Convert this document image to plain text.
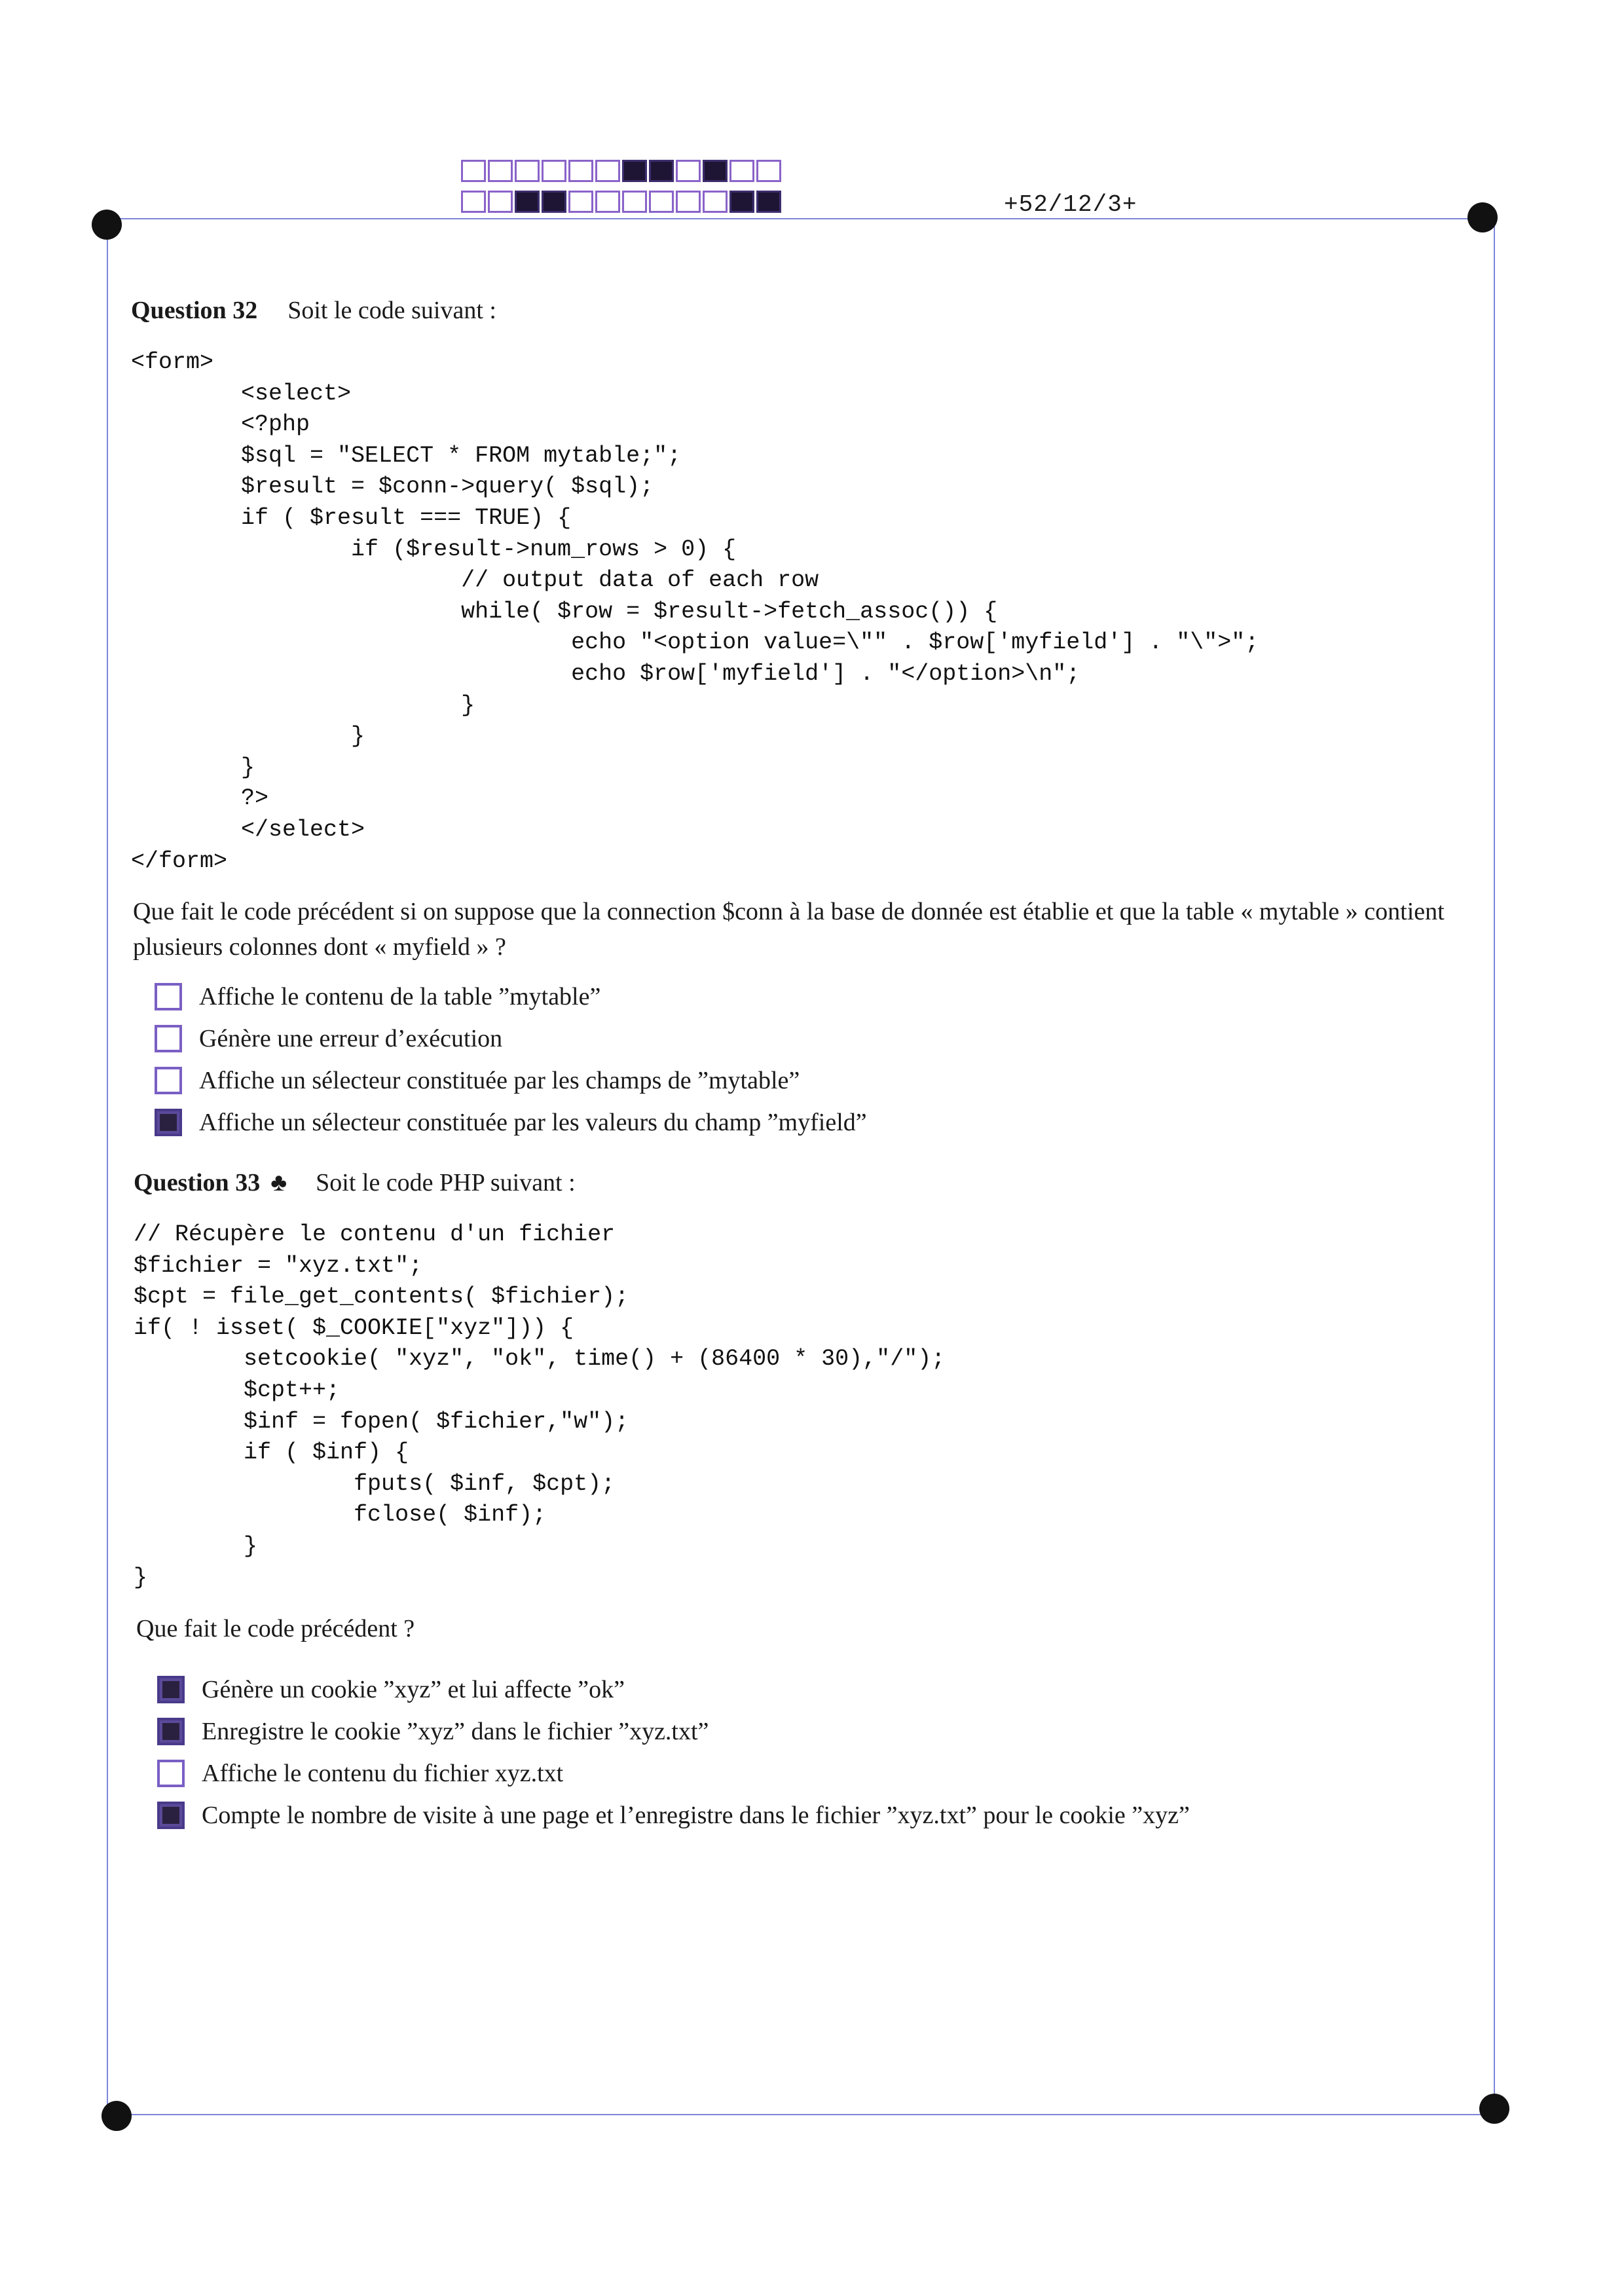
+52/12/3+
Question 32 Soit le code suivant :
<form>
<select>
<?php
$sql = "SELECT * FROM mytable;";
$result = $conn->query( $sql);
if ( $result === TRUE) {
if ($result->num_rows > 0) {
// output data of each row
while( $row = $result->fetch_assoc()) {
echo "<option value=\"" . $row['myfield'] . "\">";
echo $row['myfield'] . "</option>\n";
}
}
}
?>
</select>
</form>
Que fait le code précédent si on suppose que la connection $conn à la base de donnée est établie et que la table « mytable » contient plusieurs colonnes dont « myfield » ?
Affiche le contenu de la table ”mytable”
Génère une erreur d’exécution
Affiche un sélecteur constituée par les champs de ”mytable”
Affiche un sélecteur constituée par les valeurs du champ ”myfield”
Question 33 ♣ Soit le code PHP suivant :
// Récupère le contenu d'un fichier
$fichier = "xyz.txt";
$cpt = file_get_contents( $fichier);
if( ! isset( $_COOKIE["xyz"])) {
setcookie( "xyz", "ok", time() + (86400 * 30),"/");
$cpt++;
$inf = fopen( $fichier,"w");
if ( $inf) {
fputs( $inf, $cpt);
fclose( $inf);
}
}
Que fait le code précédent ?
Génère un cookie ”xyz” et lui affecte ”ok”
Enregistre le cookie ”xyz” dans le fichier ”xyz.txt”
Affiche le contenu du fichier xyz.txt
Compte le nombre de visite à une page et l’enregistre dans le fichier ”xyz.txt” pour le cookie ”xyz”
